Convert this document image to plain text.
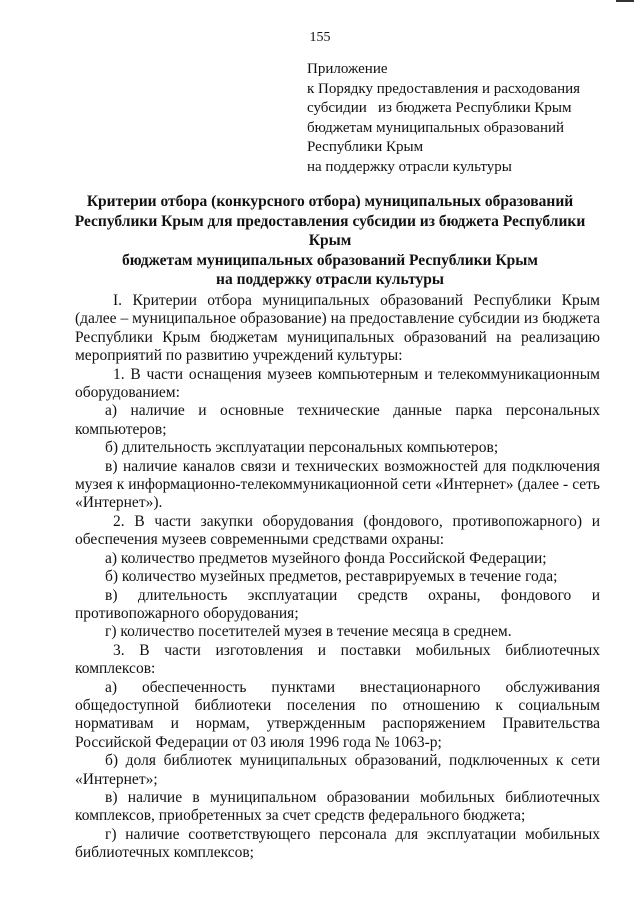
155
Приложение
к Порядку предоставления и расходования
субсидии   из бюджета Республики Крым
бюджетам муниципальных образований
Республики Крым
на поддержку отрасли культуры
Критерии отбора (конкурсного отбора) муниципальных образований
Республики Крым для предоставления субсидии из бюджета Республики
Крым
бюджетам муниципальных образований Республики Крым
на поддержку отрасли культуры
I. Критерии отбора муниципальных образований Республики Крым (далее – муниципальное образование) на предоставление субсидии из бюджета Республики Крым бюджетам муниципальных образований на реализацию мероприятий по развитию учреждений культуры:
1. В части оснащения музеев компьютерным и телекоммуникационным оборудованием:
а) наличие и основные технические данные парка персональных компьютеров;
б) длительность эксплуатации персональных компьютеров;
в) наличие каналов связи и технических возможностей для подключения музея к информационно-телекоммуникационной сети «Интернет» (далее - сеть «Интернет»).
2. В части закупки оборудования (фондового, противопожарного) и обеспечения музеев современными средствами охраны:
а) количество предметов музейного фонда Российской Федерации;
б) количество музейных предметов, реставрируемых в течение года;
в) длительность эксплуатации средств охраны, фондового и противопожарного оборудования;
г) количество посетителей музея в течение месяца в среднем.
3. В части изготовления и поставки мобильных библиотечных комплексов:
а) обеспеченность пунктами внестационарного обслуживания общедоступной библиотеки поселения по отношению к социальным нормативам и нормам, утвержденным распоряжением Правительства Российской Федерации от 03 июля 1996 года № 1063-р;
б) доля библиотек муниципальных образований, подключенных к сети «Интернет»;
в) наличие в муниципальном образовании мобильных библиотечных комплексов, приобретенных за счет средств федерального бюджета;
г) наличие соответствующего персонала для эксплуатации мобильных библиотечных комплексов;
